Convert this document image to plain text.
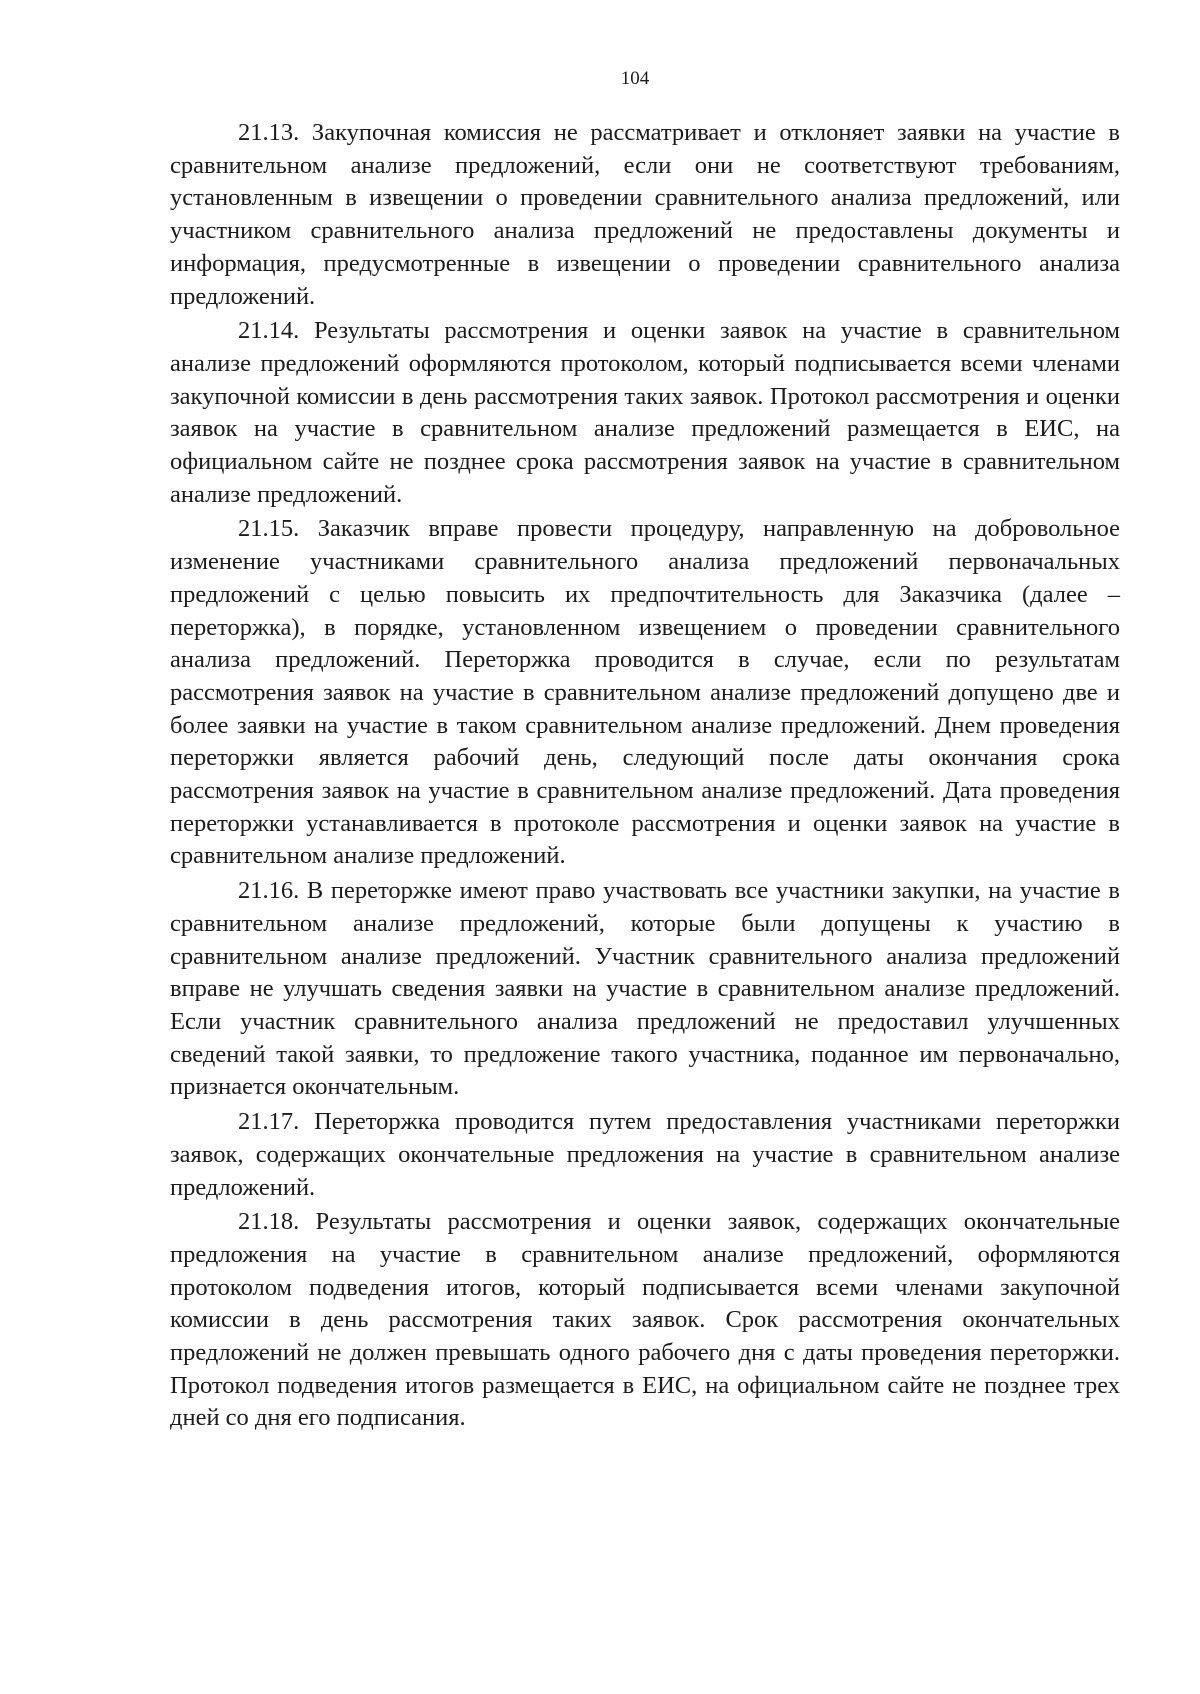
104

21.13. Закупочная комиссия не рассматривает и отклоняет заявки на участие в сравнительном анализе предложений, если они не соответствуют требованиям, установленным в извещении о проведении сравнительного анализа предложений, или участником сравнительного анализа предложений не предоставлены документы и информация, предусмотренные в извещении о проведении сравнительного анализа предложений.

21.14. Результаты рассмотрения и оценки заявок на участие в сравнительном анализе предложений оформляются протоколом, который подписывается всеми членами закупочной комиссии в день рассмотрения таких заявок. Протокол рассмотрения и оценки заявок на участие в сравнительном анализе предложений размещается в ЕИС, на официальном сайте не позднее срока рассмотрения заявок на участие в сравнительном анализе предложений.

21.15. Заказчик вправе провести процедуру, направленную на добровольное изменение участниками сравнительного анализа предложений первоначальных предложений с целью повысить их предпочтительность для Заказчика (далее – переторжка), в порядке, установленном извещением о проведении сравнительного анализа предложений. Переторжка проводится в случае, если по результатам рассмотрения заявок на участие в сравнительном анализе предложений допущено две и более заявки на участие в таком сравнительном анализе предложений. Днем проведения переторжки является рабочий день, следующий после даты окончания срока рассмотрения заявок на участие в сравнительном анализе предложений. Дата проведения переторжки устанавливается в протоколе рассмотрения и оценки заявок на участие в сравнительном анализе предложений.

21.16. В переторжке имеют право участвовать все участники закупки, на участие в сравнительном анализе предложений, которые были допущены к участию в сравнительном анализе предложений. Участник сравнительного анализа предложений вправе не улучшать сведения заявки на участие в сравнительном анализе предложений. Если участник сравнительного анализа предложений не предоставил улучшенных сведений такой заявки, то предложение такого участника, поданное им первоначально, признается окончательным.

21.17. Переторжка проводится путем предоставления участниками переторжки заявок, содержащих окончательные предложения на участие в сравнительном анализе предложений.

21.18. Результаты рассмотрения и оценки заявок, содержащих окончательные предложения на участие в сравнительном анализе предложений, оформляются протоколом подведения итогов, который подписывается всеми членами закупочной комиссии в день рассмотрения таких заявок. Срок рассмотрения окончательных предложений не должен превышать одного рабочего дня с даты проведения переторжки. Протокол подведения итогов размещается в ЕИС, на официальном сайте не позднее трех дней со дня его подписания.
